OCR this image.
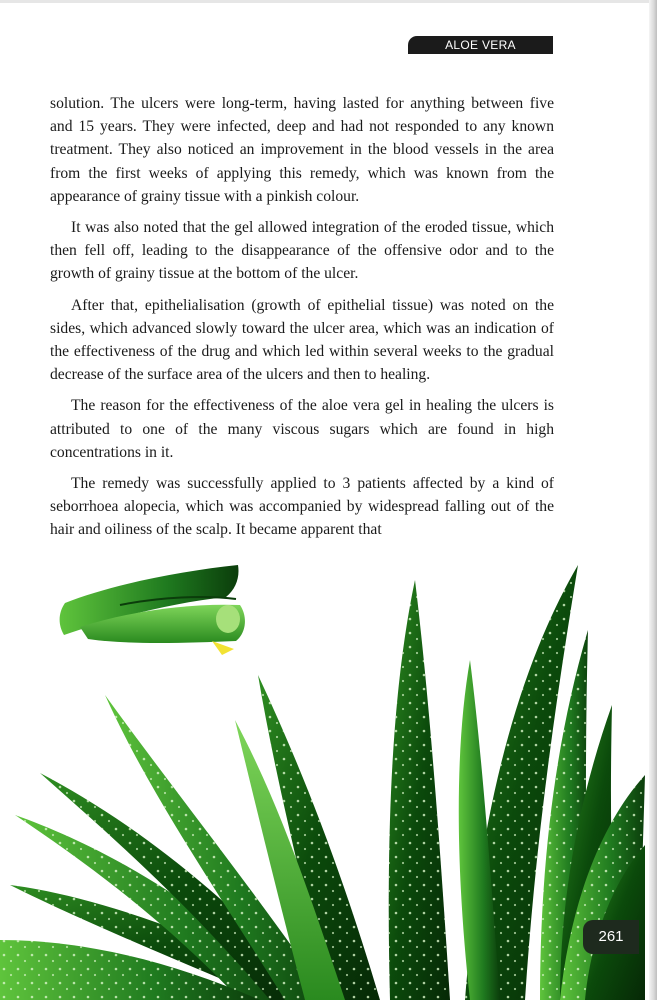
ALOE VERA

solution. The ulcers were long-term, having lasted for anything between five and 15 years. They were infected, deep and had not responded to any known treatment. They also noticed an improvement in the blood vessels in the area from the first weeks of applying this remedy, which was known from the appearance of grainy tissue with a pinkish colour.

It was also noted that the gel allowed integration of the eroded tissue, which then fell off, leading to the disappearance of the offensive odor and to the growth of grainy tissue at the bottom of the ulcer.

After that, epithelialisation (growth of epithelial tissue) was noted on the sides, which advanced slowly toward the ulcer area, which was an indication of the effectiveness of the drug and which led within several weeks to the gradual decrease of the surface area of the ulcers and then to healing.

The reason for the effectiveness of the aloe vera gel in healing the ulcers is attributed to one of the many viscous sugars which are found in high concentrations in it.

The remedy was successfully applied to 3 patients affected by a kind of seborrhoea alopecia, which was accompanied by widespread falling out of the hair and oiliness of the scalp. It became apparent that

261
